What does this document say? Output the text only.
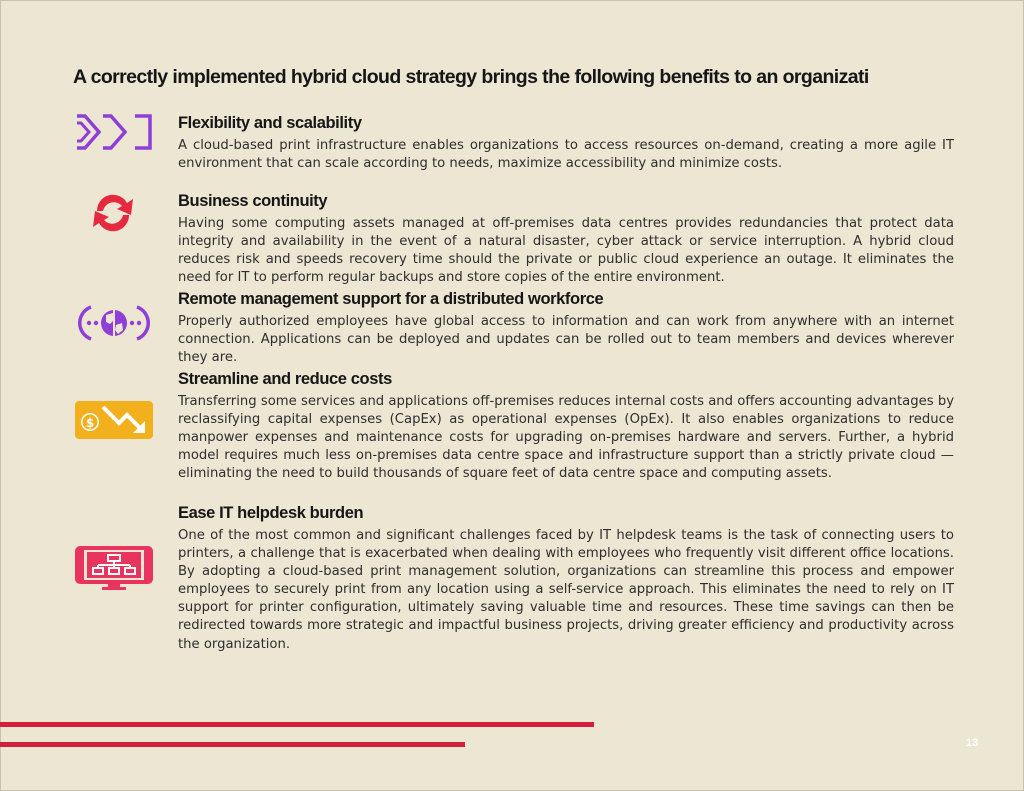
A correctly implemented hybrid cloud strategy brings the following benefits to an organizati
Flexibility and scalability

A cloud-based print infrastructure enables organizations to access resources on-demand, creating a more agile IT environment that can scale according to needs, maximize accessibility and minimize costs.

Business continuity

Having some computing assets managed at off-premises data centres provides redundancies that protect data integrity and availability in the event of a natural disaster, cyber attack or service interruption. A hybrid cloud reduces risk and speeds recovery time should the private or public cloud experience an outage. It eliminates the need for IT to perform regular backups and store copies of the entire environment.

Remote management support for a distributed workforce

Properly authorized employees have global access to information and can work from anywhere with an internet connection. Applications can be deployed and updates can be rolled out to team members and devices wherever they are.

$
Streamline and reduce costs

Transferring some services and applications off-premises reduces internal costs and offers accounting advantages by reclassifying capital expenses (CapEx) as operational expenses (OpEx). It also enables organizations to reduce manpower expenses and maintenance costs for upgrading on-premises hardware and servers. Further, a hybrid model requires much less on-premises data centre space and infrastructure support than a strictly private cloud — eliminating the need to build thousands of square feet of data centre space and computing assets.

Ease IT helpdesk burden

One of the most common and significant challenges faced by IT helpdesk teams is the task of connecting users to printers, a challenge that is exacerbated when dealing with employees who frequently visit different office locations. By adopting a cloud-based print management solution, organizations can streamline this process and empower employees to securely print from any location using a self-service approach. This eliminates the need to rely on IT support for printer configuration, ultimately saving valuable time and resources. These time savings can then be redirected towards more strategic and impactful business projects, driving greater efficiency and productivity across the organization.

13
